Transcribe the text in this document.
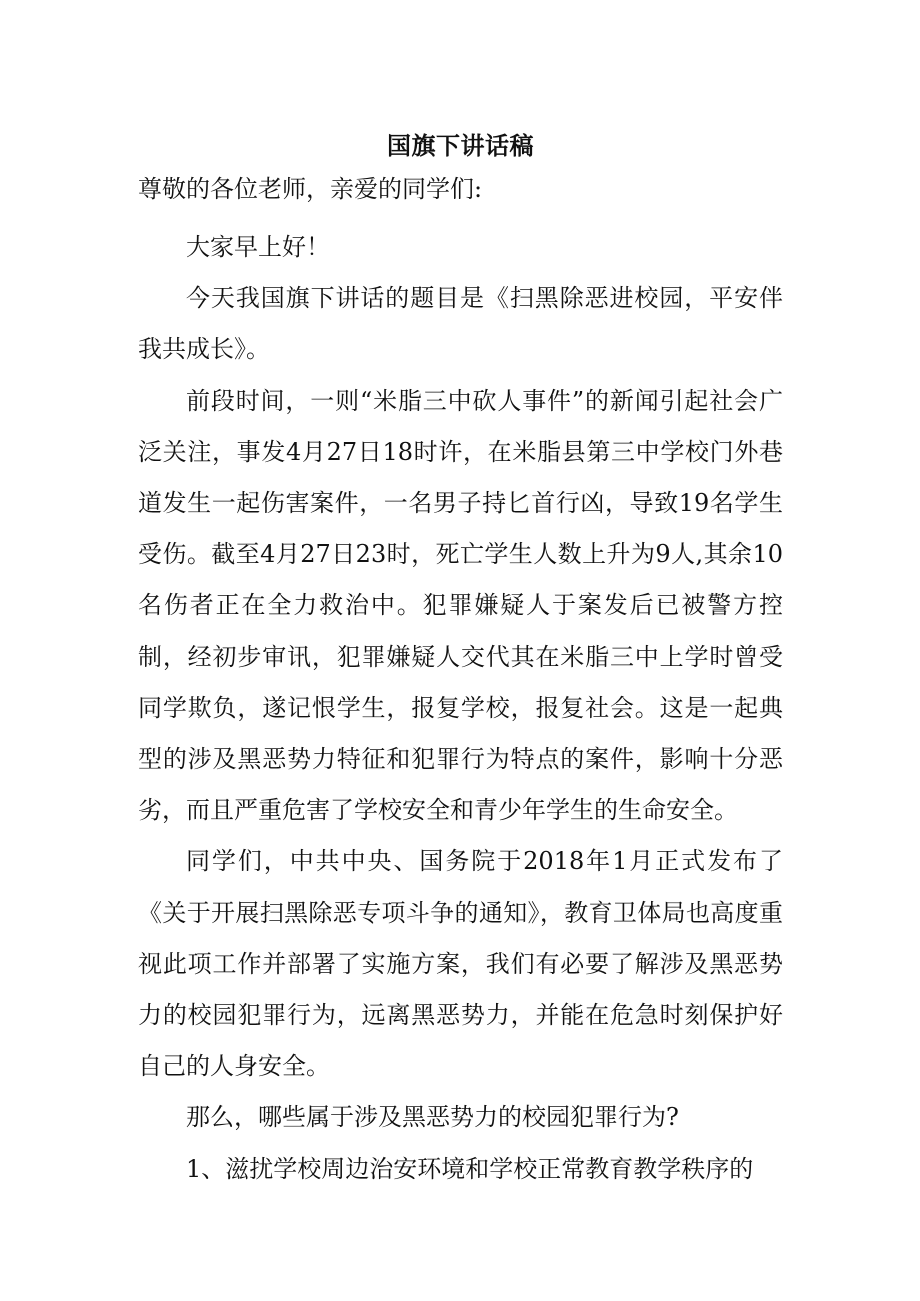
国旗下讲话稿
尊敬的各位老师，亲爱的同学们:

大家早上好！

今天我国旗下讲话的题目是《扫黑除恶进校园，平安伴我共成长》。

前段时间，一则“米脂三中砍人事件”的新闻引起社会广泛关注，事发4月27日18时许，在米脂县第三中学校门外巷道发生一起伤害案件，一名男子持匕首行凶，导致19名学生受伤。截至4月27日23时，死亡学生人数上升为9人,其余10名伤者正在全力救治中。犯罪嫌疑人于案发后已被警方控制，经初步审讯，犯罪嫌疑人交代其在米脂三中上学时曾受同学欺负，遂记恨学生，报复学校，报复社会。这是一起典型的涉及黑恶势力特征和犯罪行为特点的案件，影响十分恶劣，而且严重危害了学校安全和青少年学生的生命安全。

同学们，中共中央、国务院于2018年1月正式发布了《关于开展扫黑除恶专项斗争的通知》，教育卫体局也高度重视此项工作并部署了实施方案，我们有必要了解涉及黑恶势力的校园犯罪行为，远离黑恶势力，并能在危急时刻保护好自己的人身安全。

那么，哪些属于涉及黑恶势力的校园犯罪行为?

1、滋扰学校周边治安环境和学校正常教育教学秩序的
